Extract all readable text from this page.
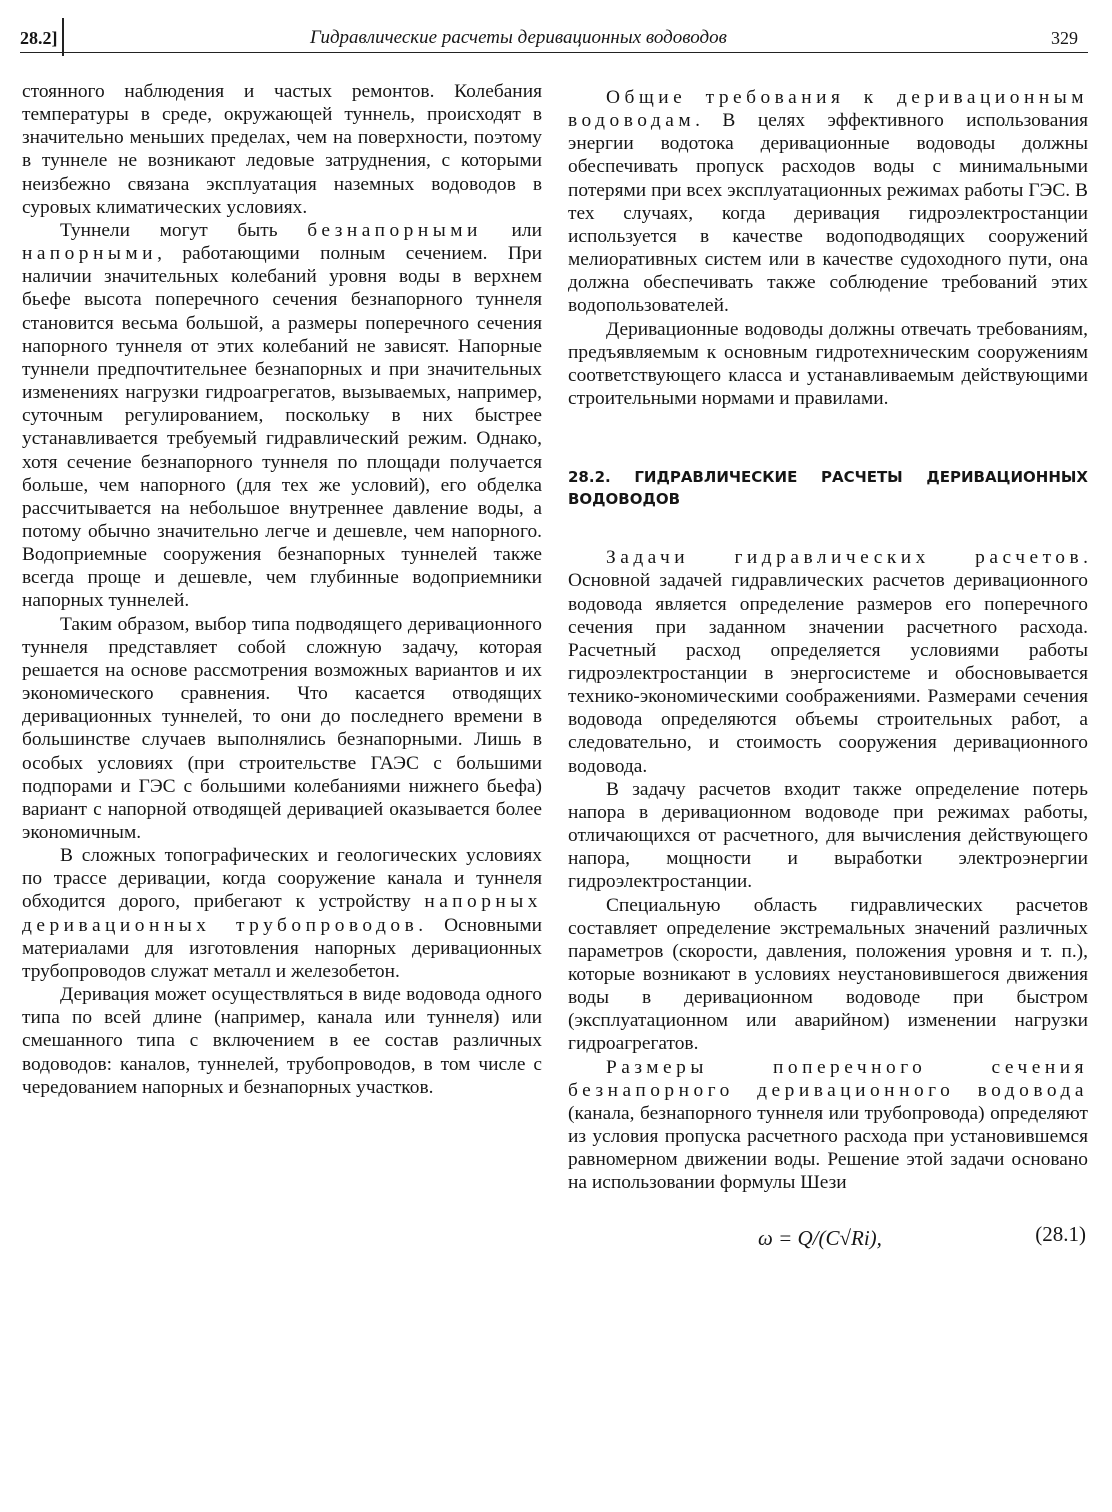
28.2]	Гидравлические расчеты деривационных водоводов	329

стоянного наблюдения и частых ремонтов. Колебания температуры в среде, окружающей туннель, происходят в значительно меньших пределах, чем на поверхности, поэтому в туннеле не возникают ледовые затруднения, с которыми неизбежно связана эксплуатация наземных водоводов в суровых климатических условиях.

Туннели могут быть безнапорными или напорными, работающими полным сечением. При наличии значительных колебаний уровня воды в верхнем бьефе высота поперечного сечения безнапорного туннеля становится весьма большой, а размеры поперечного сечения напорного туннеля от этих колебаний не зависят. Напорные туннели предпочтительнее безнапорных и при значительных изменениях нагрузки гидроагрегатов, вызываемых, например, суточным регулированием, поскольку в них быстрее устанавливается требуемый гидравлический режим. Однако, хотя сечение безнапорного туннеля по площади получается больше, чем напорного (для тех же условий), его обделка рассчитывается на небольшое внутреннее давление воды, а потому обычно значительно легче и дешевле, чем напорного. Водоприемные сооружения безнапорных туннелей также всегда проще и дешевле, чем глубинные водоприемники напорных туннелей.

Таким образом, выбор типа подводящего деривационного туннеля представляет собой сложную задачу, которая решается на основе рассмотрения возможных вариантов и их экономического сравнения. Что касается отводящих деривационных туннелей, то они до последнего времени в большинстве случаев выполнялись безнапорными. Лишь в особых условиях (при строительстве ГАЭС с большими подпорами и ГЭС с большими колебаниями нижнего бьефа) вариант с напорной отводящей деривацией оказывается более экономичным.

В сложных топографических и геологических условиях по трассе деривации, когда сооружение канала и туннеля обходится дорого, прибегают к устройству напорных деривационных трубопроводов. Основными материалами для изготовления напорных деривационных трубопроводов служат металл и железобетон.

Деривация может осуществляться в виде водовода одного типа по всей длине (например, канала или туннеля) или смешанного типа с включением в ее состав различных водоводов: каналов, туннелей, трубопроводов, в том числе с чередованием напорных и безнапорных участков.

Общие требования к деривационным водоводам. В целях эффективного использования энергии водотока деривационные водоводы должны обеспечивать пропуск расходов воды с минимальными потерями при всех эксплуатационных режимах работы ГЭС. В тех случаях, когда деривация гидроэлектростанции используется в качестве водоподводящих сооружений мелиоративных систем или в качестве судоходного пути, она должна обеспечивать также соблюдение требований этих водопользователей.

Деривационные водоводы должны отвечать требованиям, предъявляемым к основным гидротехническим сооружениям соответствующего класса и устанавливаемым действующими строительными нормами и правилами.

28.2. ГИДРАВЛИЧЕСКИЕ РАСЧЕТЫ ДЕРИВАЦИОННЫХ ВОДОВОДОВ

Задачи гидравлических расчетов. Основной задачей гидравлических расчетов деривационного водовода является определение размеров его поперечного сечения при заданном значении расчетного расхода. Расчетный расход определяется условиями работы гидроэлектростанции в энергосистеме и обосновывается технико-экономическими соображениями. Размерами сечения водовода определяются объемы строительных работ, а следовательно, и стоимость сооружения деривационного водовода.

В задачу расчетов входит также определение потерь напора в деривационном водоводе при режимах работы, отличающихся от расчетного, для вычисления действующего напора, мощности и выработки электроэнергии гидроэлектростанции.

Специальную область гидравлических расчетов составляет определение экстремальных значений различных параметров (скорости, давления, положения уровня и т. п.), которые возникают в условиях неустановившегося движения воды в деривационном водоводе при быстром (эксплуатационном или аварийном) изменении нагрузки гидроагрегатов.

Размеры поперечного сечения безнапорного деривационного водовода (канала, безнапорного туннеля или трубопровода) определяют из условия пропуска расчетного расхода при установившемся равномерном движении воды. Решение этой задачи основано на использовании формулы Шези

ω = Q/(C√Ri),	(28.1)
